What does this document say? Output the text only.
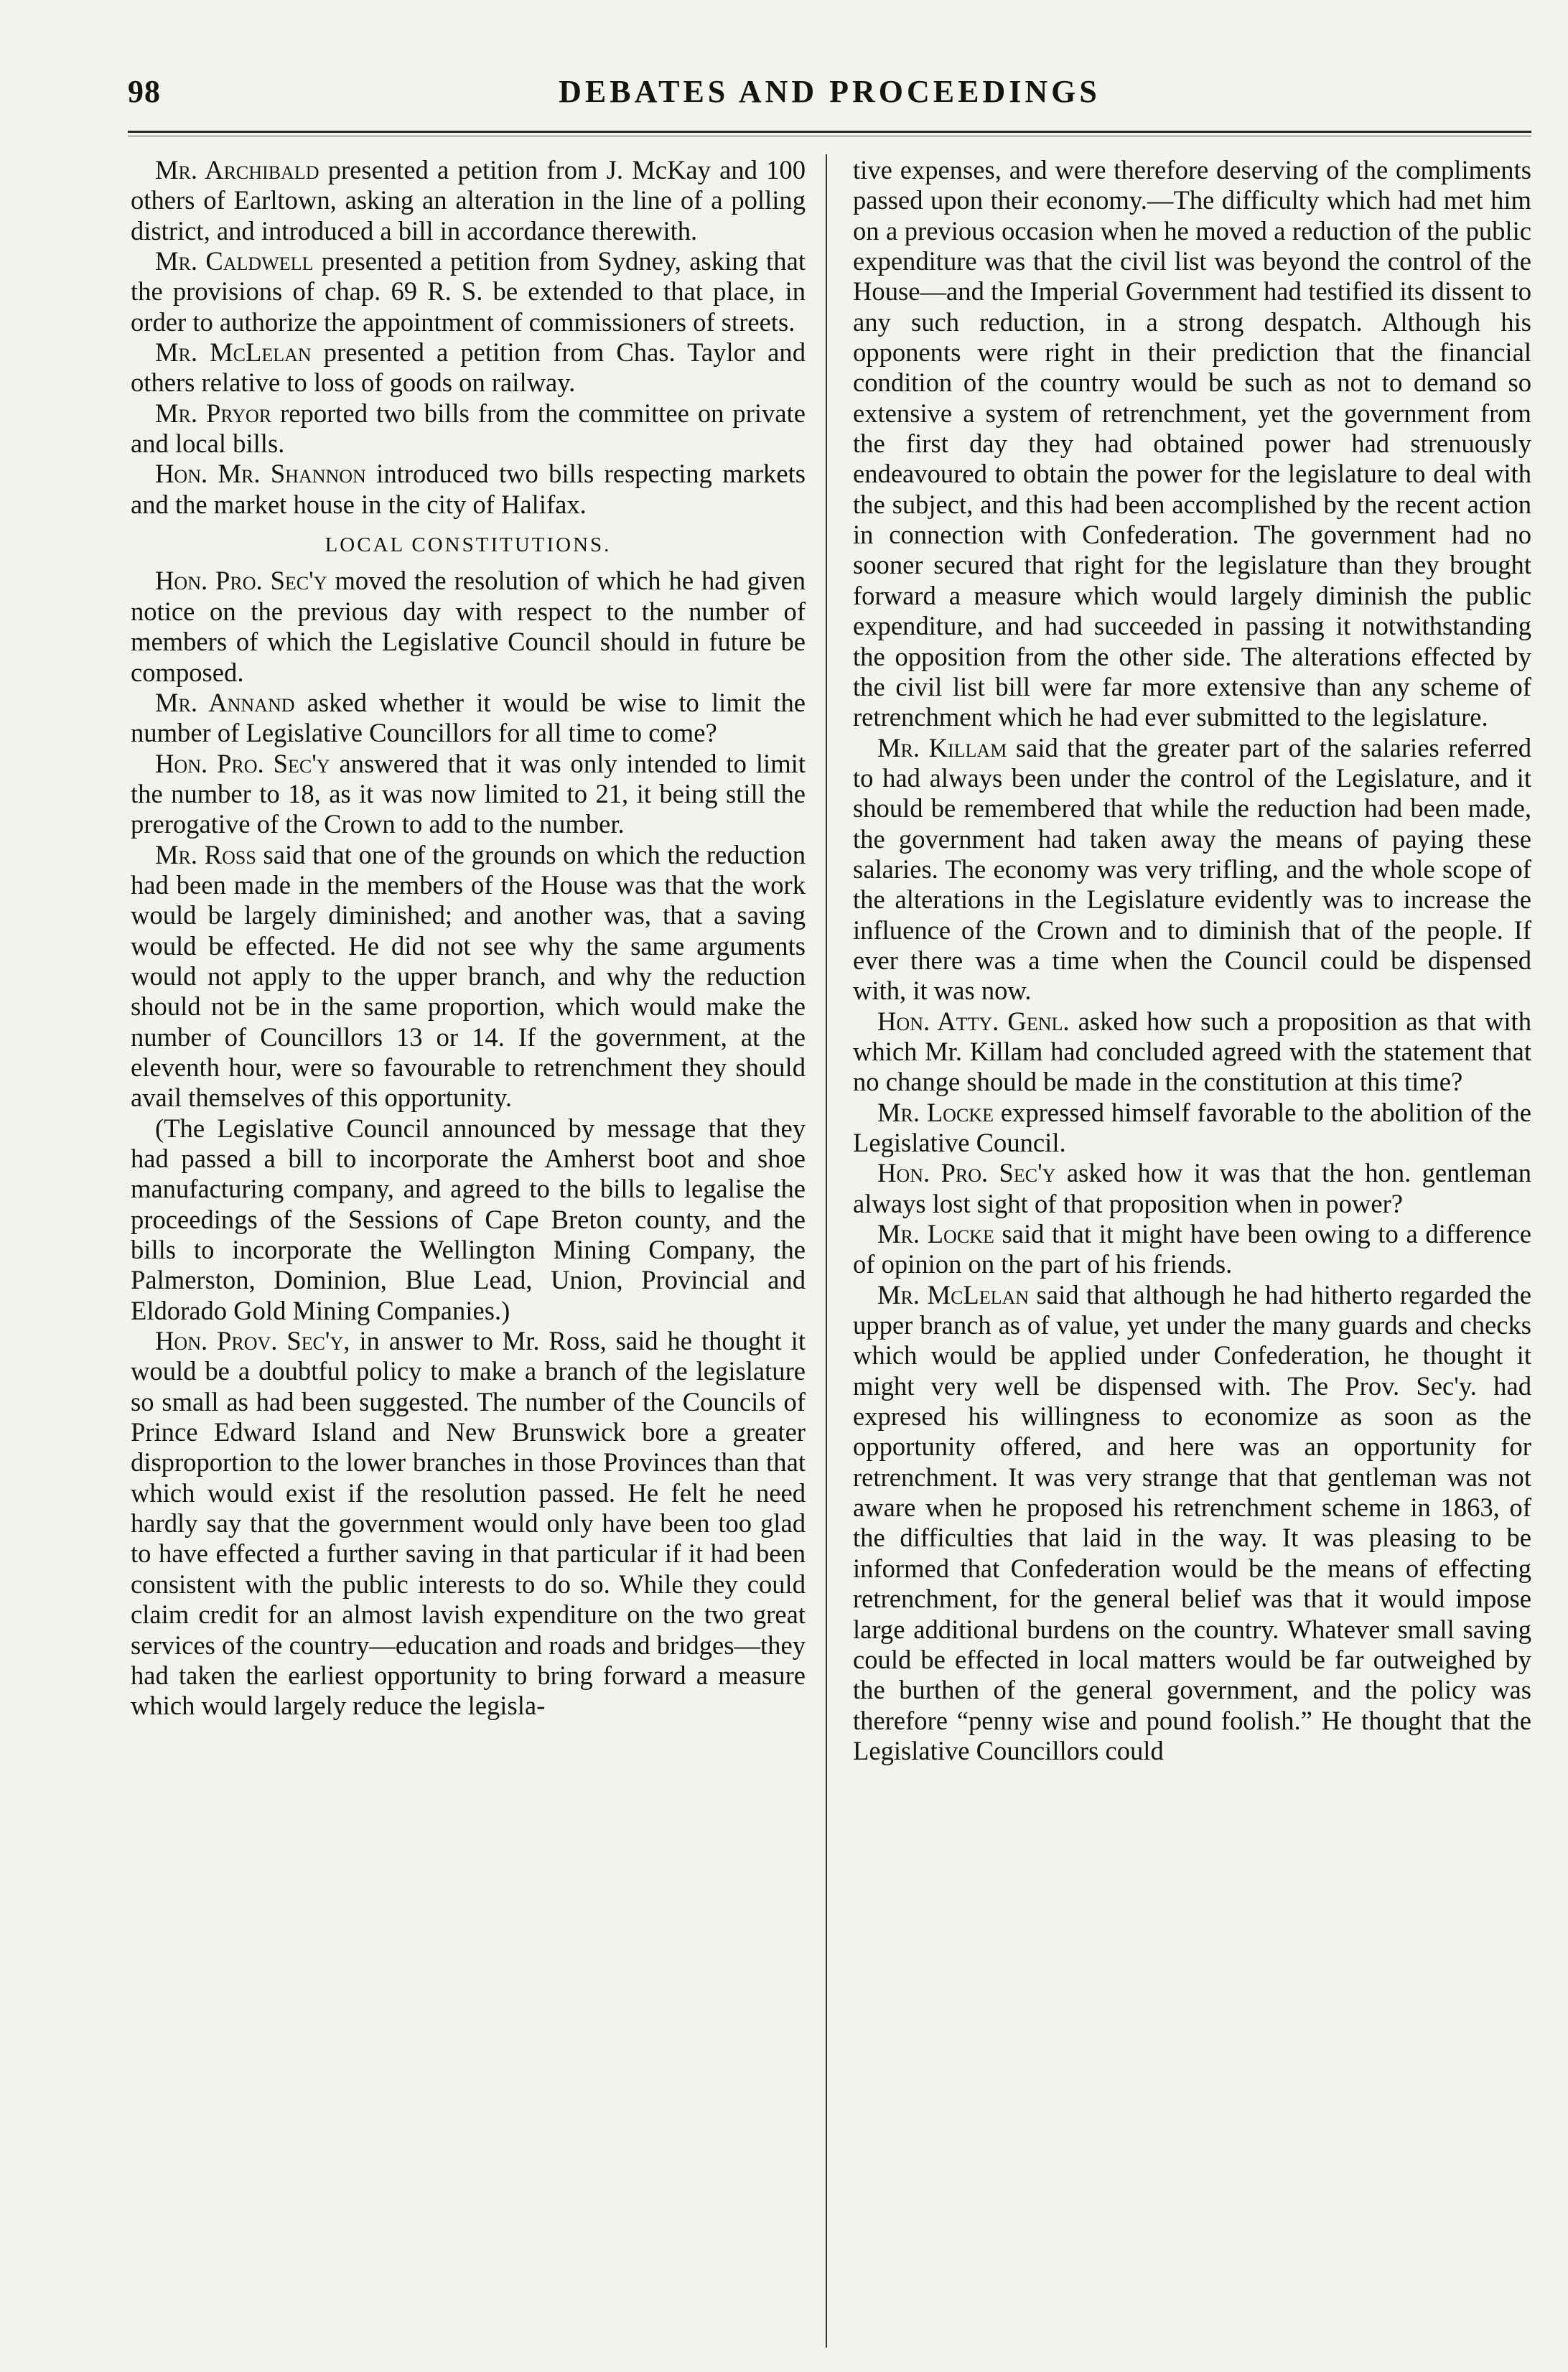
98	DEBATES AND PROCEEDINGS

Mr. Archibald presented a petition from J. McKay and 100 others of Earltown, asking an alteration in the line of a polling district, and introduced a bill in accordance therewith.

Mr. Caldwell presented a petition from Sydney, asking that the provisions of chap. 69 R. S. be extended to that place, in order to authorize the appointment of commissioners of streets.

Mr. McLelan presented a petition from Chas. Taylor and others relative to loss of goods on railway.

Mr. Pryor reported two bills from the committee on private and local bills.

Hon. Mr. Shannon introduced two bills respecting markets and the market house in the city of Halifax.

LOCAL CONSTITUTIONS.

Hon. Pro. Sec'y moved the resolution of which he had given notice on the previous day with respect to the number of members of which the Legislative Council should in future be composed.

Mr. Annand asked whether it would be wise to limit the number of Legislative Councillors for all time to come?

Hon. Pro. Sec'y answered that it was only intended to limit the number to 18, as it was now limited to 21, it being still the prerogative of the Crown to add to the number.

Mr. Ross said that one of the grounds on which the reduction had been made in the members of the House was that the work would be largely diminished; and another was, that a saving would be effected. He did not see why the same arguments would not apply to the upper branch, and why the reduction should not be in the same proportion, which would make the number of Councillors 13 or 14. If the government, at the eleventh hour, were so favourable to retrenchment they should avail themselves of this opportunity.

(The Legislative Council announced by message that they had passed a bill to incorporate the Amherst boot and shoe manufacturing company, and agreed to the bills to legalise the proceedings of the Sessions of Cape Breton county, and the bills to incorporate the Wellington Mining Company, the Palmerston, Dominion, Blue Lead, Union, Provincial and Eldorado Gold Mining Companies.)

Hon. Prov. Sec'y, in answer to Mr. Ross, said he thought it would be a doubtful policy to make a branch of the legislature so small as had been suggested. The number of the Councils of Prince Edward Island and New Brunswick bore a greater disproportion to the lower branches in those Provinces than that which would exist if the resolution passed. He felt he need hardly say that the government would only have been too glad to have effected a further saving in that particular if it had been consistent with the public interests to do so. While they could claim credit for an almost lavish expenditure on the two great services of the country—education and roads and bridges—they had taken the earliest opportunity to bring forward a measure which would largely reduce the legisla-

tive expenses, and were therefore deserving of the compliments passed upon their economy.—The difficulty which had met him on a previous occasion when he moved a reduction of the public expenditure was that the civil list was beyond the control of the House—and the Imperial Government had testified its dissent to any such reduction, in a strong despatch. Although his opponents were right in their prediction that the financial condition of the country would be such as not to demand so extensive a system of retrenchment, yet the government from the first day they had obtained power had strenuously endeavoured to obtain the power for the legislature to deal with the subject, and this had been accomplished by the recent action in connection with Confederation. The government had no sooner secured that right for the legislature than they brought forward a measure which would largely diminish the public expenditure, and had succeeded in passing it notwithstanding the opposition from the other side. The alterations effected by the civil list bill were far more extensive than any scheme of retrenchment which he had ever submitted to the legislature.

Mr. Killam said that the greater part of the salaries referred to had always been under the control of the Legislature, and it should be remembered that while the reduction had been made, the government had taken away the means of paying these salaries. The economy was very trifling, and the whole scope of the alterations in the Legislature evidently was to increase the influence of the Crown and to diminish that of the people. If ever there was a time when the Council could be dispensed with, it was now.

Hon. Atty. Genl. asked how such a proposition as that with which Mr. Killam had concluded agreed with the statement that no change should be made in the constitution at this time?

Mr. Locke expressed himself favorable to the abolition of the Legislative Council.

Hon. Pro. Sec'y asked how it was that the hon. gentleman always lost sight of that proposition when in power?

Mr. Locke said that it might have been owing to a difference of opinion on the part of his friends.

Mr. McLelan said that although he had hitherto regarded the upper branch as of value, yet under the many guards and checks which would be applied under Confederation, he thought it might very well be dispensed with. The Prov. Sec'y. had expresed his willingness to economize as soon as the opportunity offered, and here was an opportunity for retrenchment. It was very strange that that gentleman was not aware when he proposed his retrenchment scheme in 1863, of the difficulties that laid in the way. It was pleasing to be informed that Confederation would be the means of effecting retrenchment, for the general belief was that it would impose large additional burdens on the country. Whatever small saving could be effected in local matters would be far outweighed by the burthen of the general government, and the policy was therefore “penny wise and pound foolish.” He thought that the Legislative Councillors could
